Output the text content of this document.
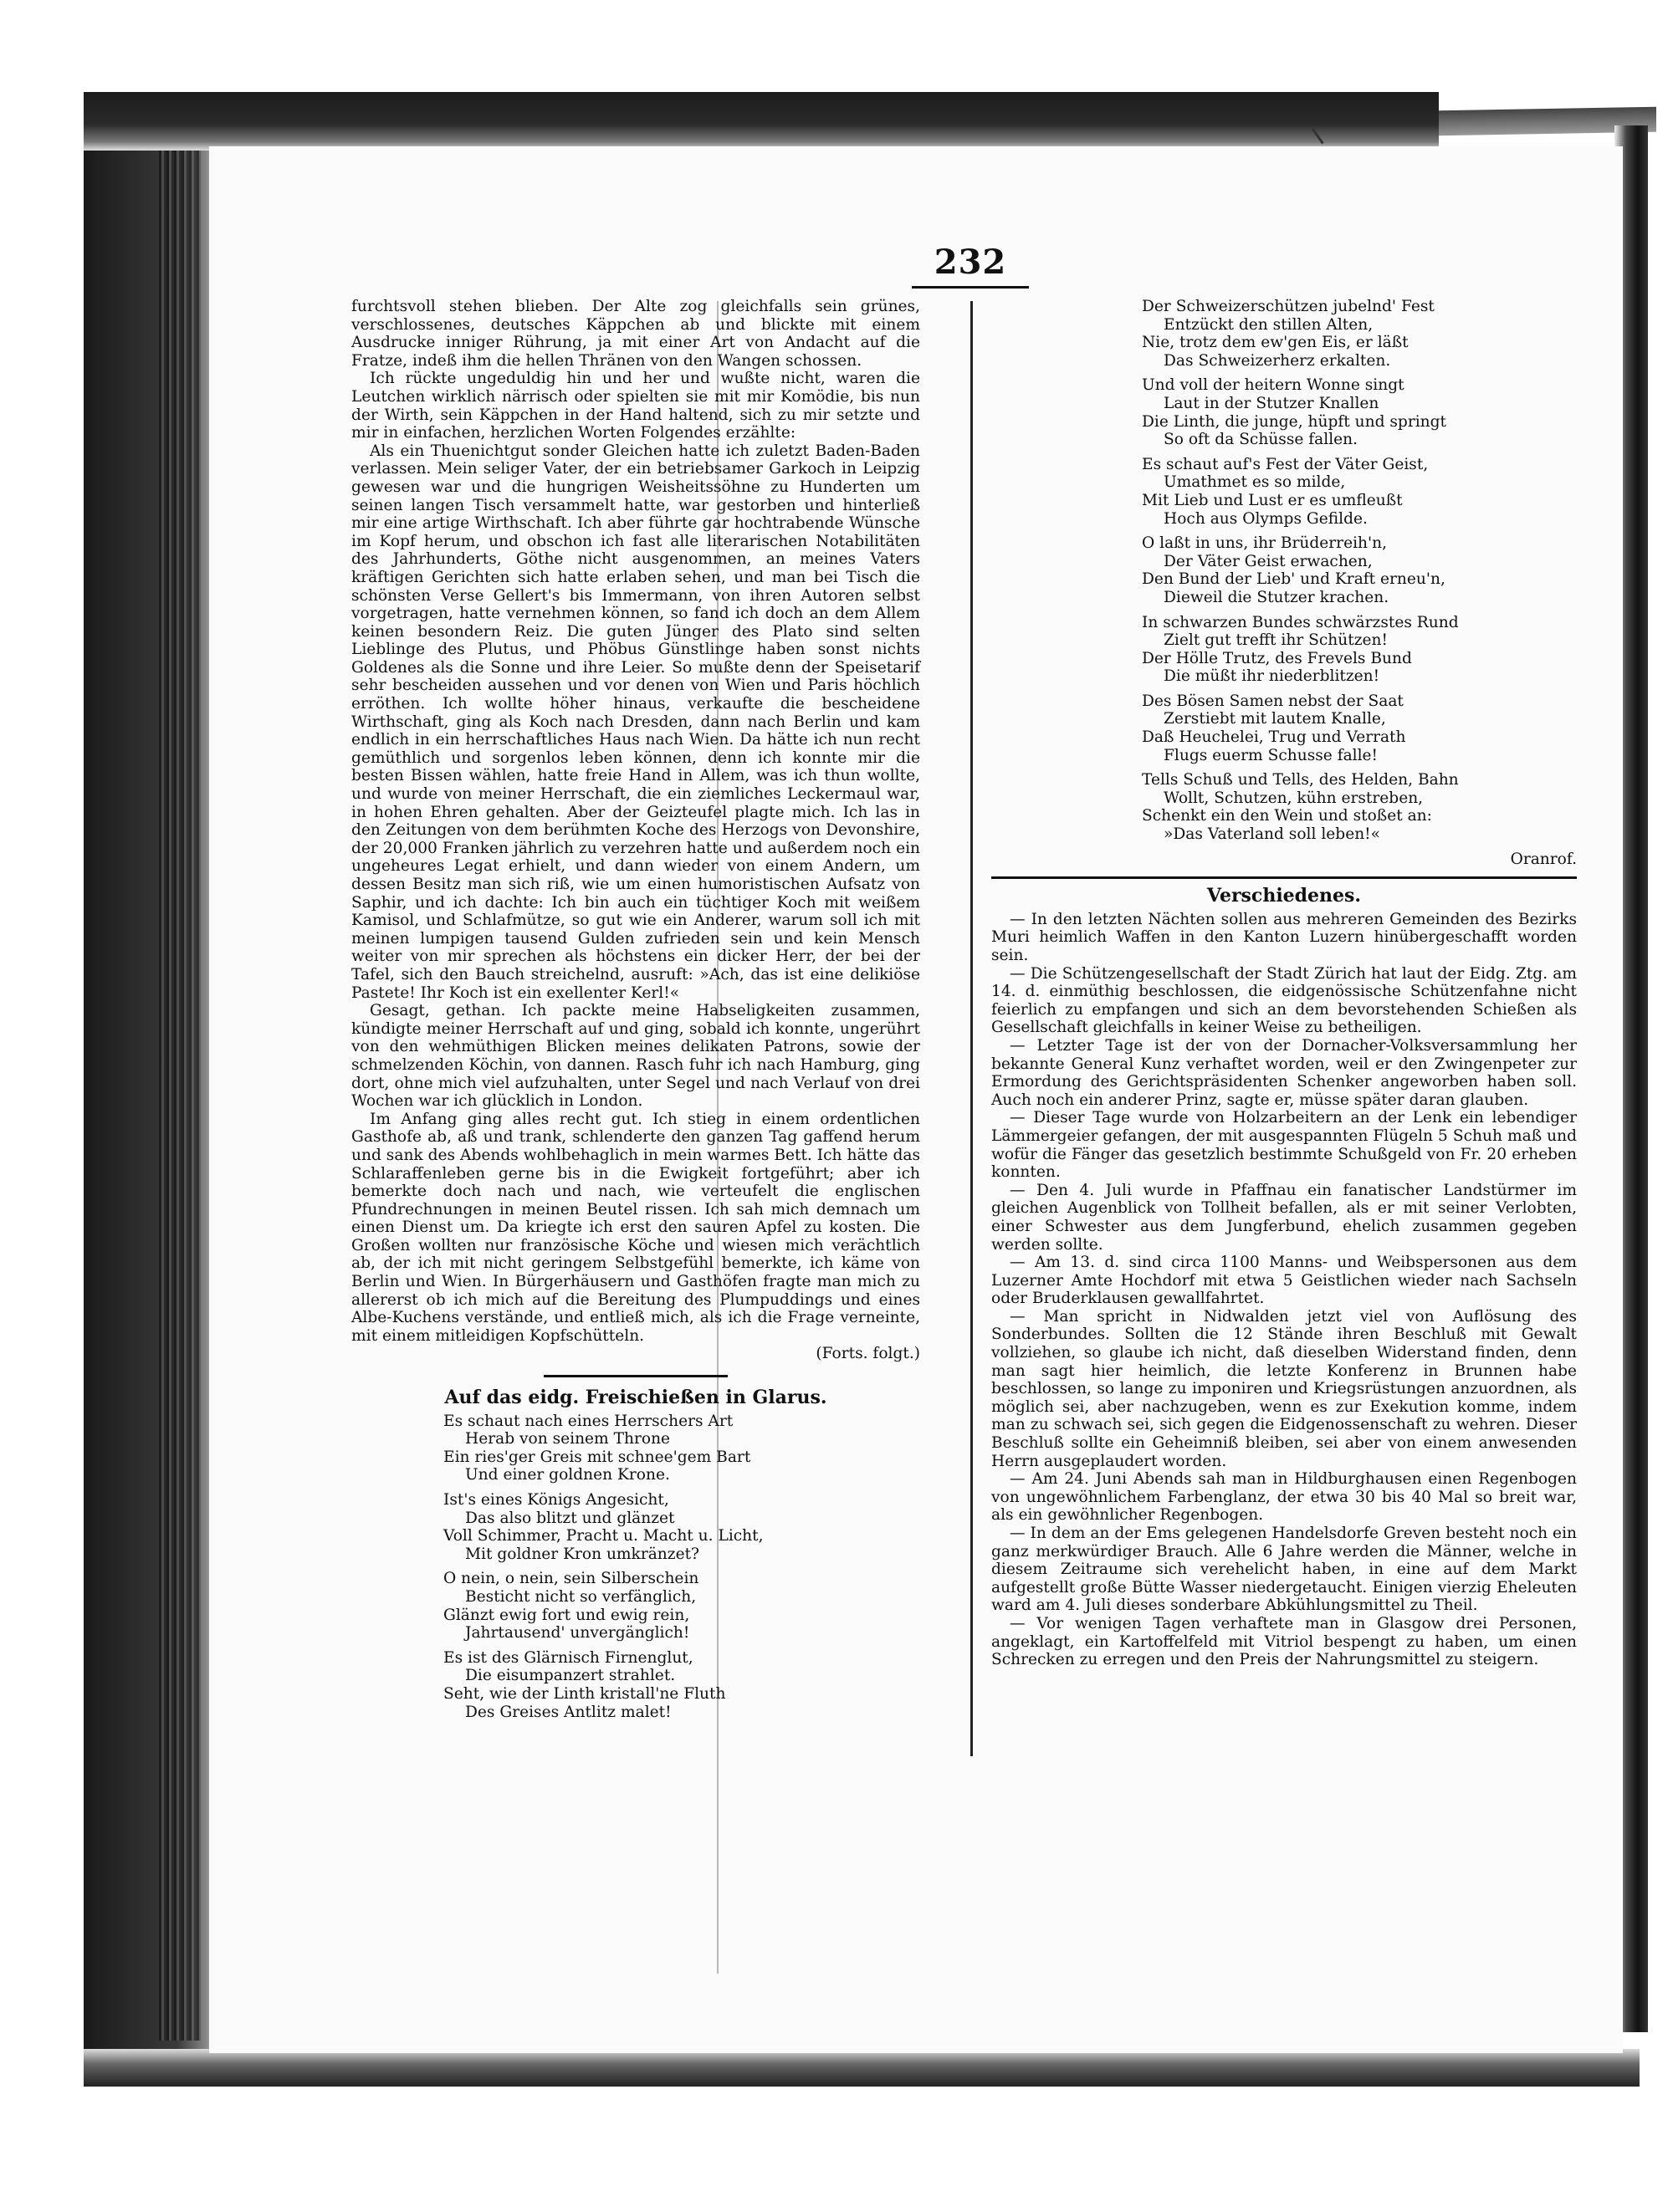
232

furchtsvoll stehen blieben. Der Alte zog gleichfalls sein grünes, verschlossenes, deutsches Käppchen ab und blickte mit einem Ausdrucke inniger Rührung, ja mit einer Art von Andacht auf die Fratze, indeß ihm die hellen Thränen von den Wangen schossen.

Ich rückte ungeduldig hin und her und wußte nicht, waren die Leutchen wirklich närrisch oder spielten sie mit mir Komödie, bis nun der Wirth, sein Käppchen in der Hand haltend, sich zu mir setzte und mir in einfachen, herzlichen Worten Folgendes erzählte:

Als ein Thuenichtgut sonder Gleichen hatte ich zuletzt Baden-Baden verlassen. Mein seliger Vater, der ein betriebsamer Garkoch in Leipzig gewesen war und die hungrigen Weisheitssöhne zu Hunderten um seinen langen Tisch versammelt hatte, war gestorben und hinterließ mir eine artige Wirthschaft. Ich aber führte gar hochtrabende Wünsche im Kopf herum, und obschon ich fast alle literarischen Notabilitäten des Jahrhunderts, Göthe nicht ausgenommen, an meines Vaters kräftigen Gerichten sich hatte erlaben sehen, und man bei Tisch die schönsten Verse Gellert's bis Immermann, von ihren Autoren selbst vorgetragen, hatte vernehmen können, so fand ich doch an dem Allem keinen besondern Reiz. Die guten Jünger des Plato sind selten Lieblinge des Plutus, und Phöbus Günstlinge haben sonst nichts Goldenes als die Sonne und ihre Leier. So mußte denn der Speisetarif sehr bescheiden aussehen und vor denen von Wien und Paris höchlich erröthen. Ich wollte höher hinaus, verkaufte die bescheidene Wirthschaft, ging als Koch nach Dresden, dann nach Berlin und kam endlich in ein herrschaftliches Haus nach Wien. Da hätte ich nun recht gemüthlich und sorgenlos leben können, denn ich konnte mir die besten Bissen wählen, hatte freie Hand in Allem, was ich thun wollte, und wurde von meiner Herrschaft, die ein ziemliches Leckermaul war, in hohen Ehren gehalten. Aber der Geizteufel plagte mich. Ich las in den Zeitungen von dem berühmten Koche des Herzogs von Devonshire, der 20,000 Franken jährlich zu verzehren hatte und außerdem noch ein ungeheures Legat erhielt, und dann wieder von einem Andern, um dessen Besitz man sich riß, wie um einen humoristischen Aufsatz von Saphir, und ich dachte: Ich bin auch ein tüchtiger Koch mit weißem Kamisol, und Schlafmütze, so gut wie ein Anderer, warum soll ich mit meinen lumpigen tausend Gulden zufrieden sein und kein Mensch weiter von mir sprechen als höchstens ein dicker Herr, der bei der Tafel, sich den Bauch streichelnd, ausruft: »Ach, das ist eine delikiöse Pastete! Ihr Koch ist ein exellenter Kerl!«

Gesagt, gethan. Ich packte meine Habseligkeiten zusammen, kündigte meiner Herrschaft auf und ging, sobald ich konnte, ungerührt von den wehmüthigen Blicken meines delikaten Patrons, sowie der schmelzenden Köchin, von dannen. Rasch fuhr ich nach Hamburg, ging dort, ohne mich viel aufzuhalten, unter Segel und nach Verlauf von drei Wochen war ich glücklich in London.

Im Anfang ging alles recht gut. Ich stieg in einem ordentlichen Gasthofe ab, aß und trank, schlenderte den ganzen Tag gaffend herum und sank des Abends wohlbehaglich in mein warmes Bett. Ich hätte das Schlaraffenleben gerne bis in die Ewigkeit fortgeführt; aber ich bemerkte doch nach und nach, wie verteufelt die englischen Pfundrechnungen in meinen Beutel rissen. Ich sah mich demnach um einen Dienst um. Da kriegte ich erst den sauren Apfel zu kosten. Die Großen wollten nur französische Köche und wiesen mich verächtlich ab, der ich mit nicht geringem Selbstgefühl bemerkte, ich käme von Berlin und Wien. In Bürgerhäusern und Gasthöfen fragte man mich zu allererst ob ich mich auf die Bereitung des Plumpuddings und eines Albe-Kuchens verstände, und entließ mich, als ich die Frage verneinte, mit einem mitleidigen Kopfschütteln.

(Forts. folgt.)
Auf das eidg. Freischießen in Glarus.
Es schaut nach eines Herrschers Art
Herab von seinem Throne
Ein ries'ger Greis mit schnee'gem Bart
Und einer goldnen Krone.
Ist's eines Königs Angesicht,
Das also blitzt und glänzet
Voll Schimmer, Pracht u. Macht u. Licht,
Mit goldner Kron umkränzet?
O nein, o nein, sein Silberschein
Besticht nicht so verfänglich,
Glänzt ewig fort und ewig rein,
Jahrtausend' unvergänglich!
Es ist des Glärnisch Firnenglut,
Die eisumpanzert strahlet.
Seht, wie der Linth kristall'ne Fluth
Des Greises Antlitz malet!
Der Schweizerschützen jubelnd' Fest
Entzückt den stillen Alten,
Nie, trotz dem ew'gen Eis, er läßt
Das Schweizerherz erkalten.
Und voll der heitern Wonne singt
Laut in der Stutzer Knallen
Die Linth, die junge, hüpft und springt
So oft da Schüsse fallen.
Es schaut auf's Fest der Väter Geist,
Umathmet es so milde,
Mit Lieb und Lust er es umfleußt
Hoch aus Olymps Gefilde.
O laßt in uns, ihr Brüderreih'n,
Der Väter Geist erwachen,
Den Bund der Lieb' und Kraft erneu'n,
Dieweil die Stutzer krachen.
In schwarzen Bundes schwärzstes Rund
Zielt gut trefft ihr Schützen!
Der Hölle Trutz, des Frevels Bund
Die müßt ihr niederblitzen!
Des Bösen Samen nebst der Saat
Zerstiebt mit lautem Knalle,
Daß Heuchelei, Trug und Verrath
Flugs euerm Schusse falle!
Tells Schuß und Tells, des Helden, Bahn
Wollt, Schutzen, kühn erstreben,
Schenkt ein den Wein und stoßet an:
»Das Vaterland soll leben!«
Oranrof.
Verschiedenes.

— In den letzten Nächten sollen aus mehreren Gemeinden des Bezirks Muri heimlich Waffen in den Kanton Luzern hinübergeschafft worden sein.

— Die Schützengesellschaft der Stadt Zürich hat laut der Eidg. Ztg. am 14. d. einmüthig beschlossen, die eidgenössische Schützenfahne nicht feierlich zu empfangen und sich an dem bevorstehenden Schießen als Gesellschaft gleichfalls in keiner Weise zu betheiligen.

— Letzter Tage ist der von der Dornacher-Volksversammlung her bekannte General Kunz verhaftet worden, weil er den Zwingenpeter zur Ermordung des Gerichtspräsidenten Schenker angeworben haben soll. Auch noch ein anderer Prinz, sagte er, müsse später daran glauben.

— Dieser Tage wurde von Holzarbeitern an der Lenk ein lebendiger Lämmergeier gefangen, der mit ausgespannten Flügeln 5 Schuh maß und wofür die Fänger das gesetzlich bestimmte Schußgeld von Fr. 20 erheben konnten.

— Den 4. Juli wurde in Pfaffnau ein fanatischer Landstürmer im gleichen Augenblick von Tollheit befallen, als er mit seiner Verlobten, einer Schwester aus dem Jungferbund, ehelich zusammen gegeben werden sollte.

— Am 13. d. sind circa 1100 Manns- und Weibspersonen aus dem Luzerner Amte Hochdorf mit etwa 5 Geistlichen wieder nach Sachseln oder Bruderklausen gewallfahrtet.

— Man spricht in Nidwalden jetzt viel von Auflösung des Sonderbundes. Sollten die 12 Stände ihren Beschluß mit Gewalt vollziehen, so glaube ich nicht, daß dieselben Widerstand finden, denn man sagt hier heimlich, die letzte Konferenz in Brunnen habe beschlossen, so lange zu imponiren und Kriegsrüstungen anzuordnen, als möglich sei, aber nachzugeben, wenn es zur Exekution komme, indem man zu schwach sei, sich gegen die Eidgenossenschaft zu wehren. Dieser Beschluß sollte ein Geheimniß bleiben, sei aber von einem anwesenden Herrn ausgeplaudert worden.

— Am 24. Juni Abends sah man in Hildburghausen einen Regenbogen von ungewöhnlichem Farbenglanz, der etwa 30 bis 40 Mal so breit war, als ein gewöhnlicher Regenbogen.

— In dem an der Ems gelegenen Handelsdorfe Greven besteht noch ein ganz merkwürdiger Brauch. Alle 6 Jahre werden die Männer, welche in diesem Zeitraume sich verehelicht haben, in eine auf dem Markt aufgestellt große Bütte Wasser niedergetaucht. Einigen vierzig Eheleuten ward am 4. Juli dieses sonderbare Abkühlungsmittel zu Theil.

— Vor wenigen Tagen verhaftete man in Glasgow drei Personen, angeklagt, ein Kartoffelfeld mit Vitriol bespengt zu haben, um einen Schrecken zu erregen und den Preis der Nahrungsmittel zu steigern.
